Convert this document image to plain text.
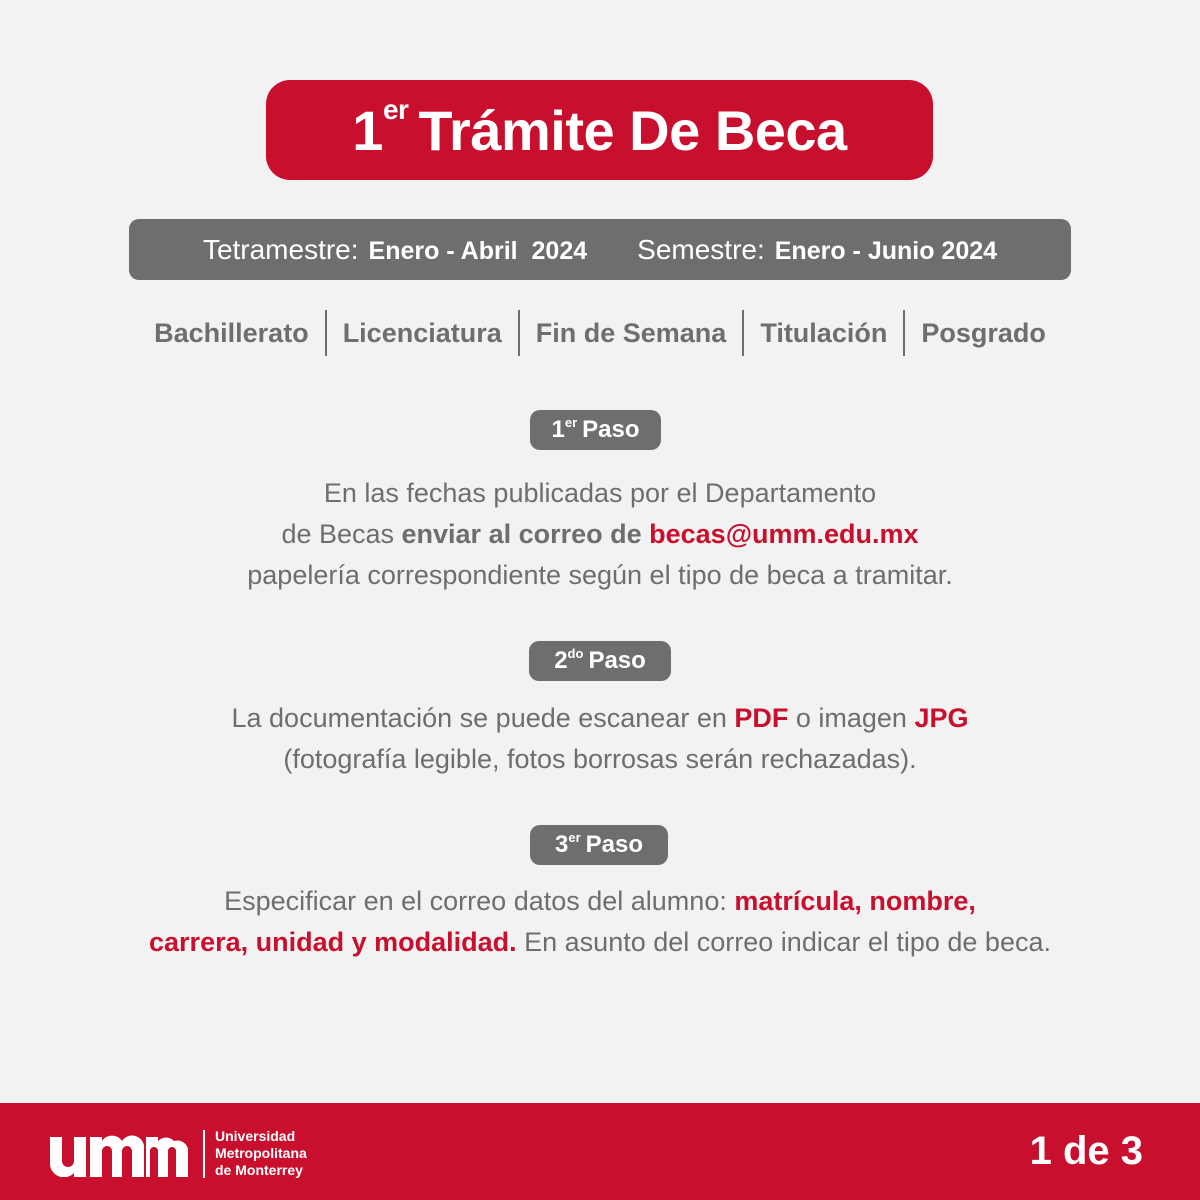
1er Trámite De Beca
Tetramestre: Enero - Abril  2024 Semestre: Enero - Junio 2024
Bachillerato	Licenciatura	Fin de Semana	Titulación	Posgrado
1er Paso
En las fechas publicadas por el Departamento
de Becas enviar al correo de becas@umm.edu.mx
papelería correspondiente según el tipo de beca a tramitar.
$2^{do}$ Paso
La documentación se puede escanear en PDF o imagen JPG
(fotografía legible, fotos borrosas serán rechazadas).
3er Paso
Especificar en el correo datos del alumno: matrícula, nombre,
carrera, unidad y modalidad. En asunto del correo indicar el tipo de beca.
Universidad
Metropolitana
de Monterrey	1 de 3
